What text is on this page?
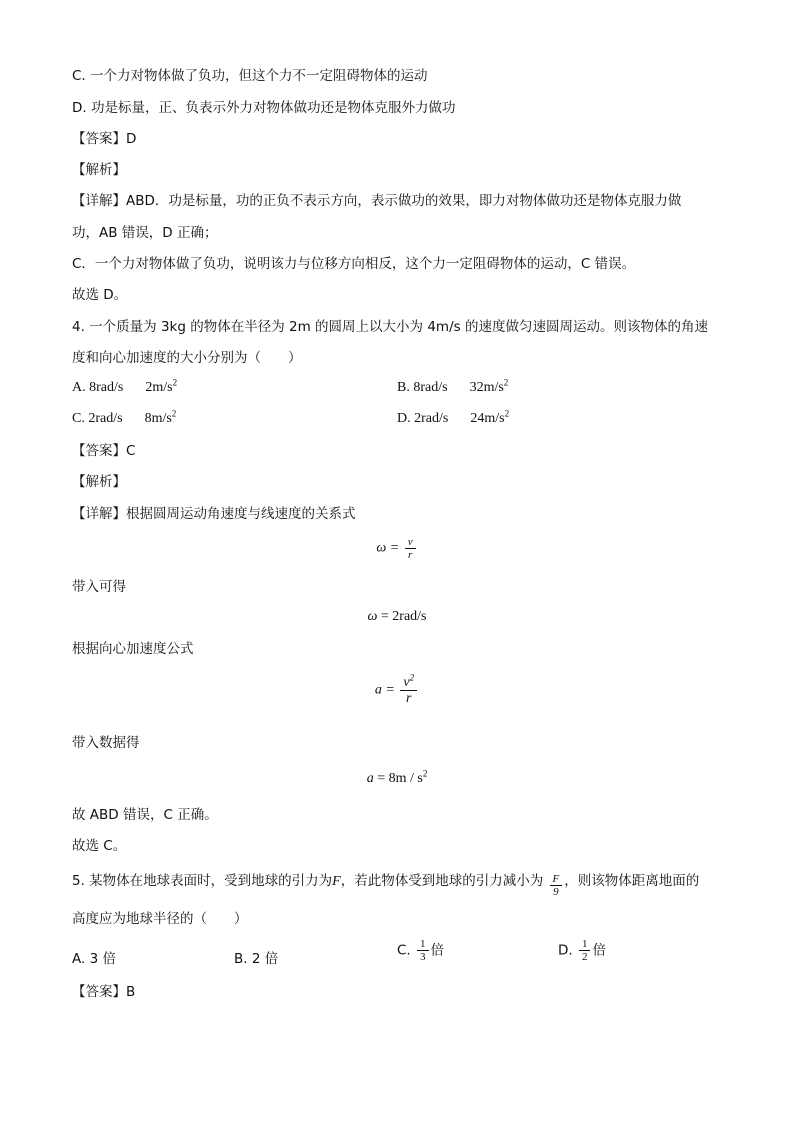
C. 一个力对物体做了负功，但这个力不一定阻碍物体的运动
D. 功是标量，正、负表示外力对物体做功还是物体克服外力做功
【答案】D
【解析】
【详解】ABD．功是标量，功的正负不表示方向，表示做功的效果，即力对物体做功还是物体克服力做
功，AB 错误，D 正确；
C．一个力对物体做了负功，说明该力与位移方向相反，这个力一定阻碍物体的运动，C 错误。
故选 D。
4. 一个质量为 3kg 的物体在半径为 2m 的圆周上以大小为 4m/s 的速度做匀速圆周运动。则该物体的角速
度和向心加速度的大小分别为（　　）
A. 8rad/s $2m/s^2$	B. 8rad/s $32m/s^2$
C. 2rad/s $8m/s^2$	D. 2rad/s $24m/s^2$
【答案】C
【解析】
【详解】根据圆周运动角速度与线速度的关系式
$\omega = \frac{v}{r}$
带入可得
ω = 2rad/s
根据向心加速度公式
$a = \frac{v^2}{r}$
带入数据得
$a = 8m / s^2$
故 ABD 错误，C 正确。
故选 C。
5. 某物体在地球表面时，受到地球的引力为F，若此物体受到地球的引力减小为 $\frac{F}{9}$ ，则该物体距离地面的
高度应为地球半径的（　　）
A. 3 倍	B. 2 倍
C. $\frac{1}{3}$ 倍	D. $\frac{1}{2}$ 倍
【答案】B
